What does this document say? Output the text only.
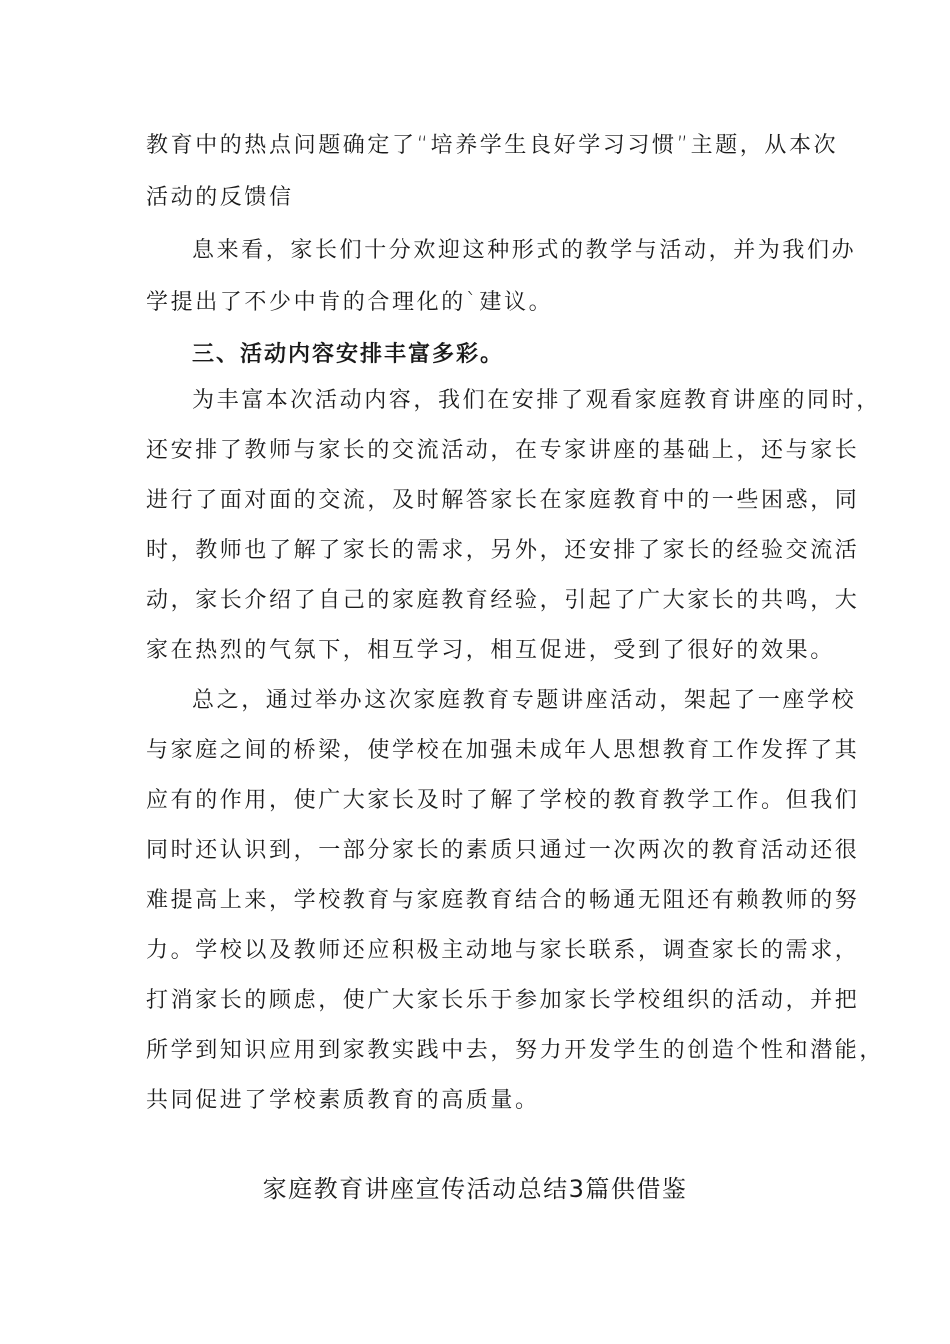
教育中的热点问题确定了“培养学生良好学习习惯”主题，从本次
活动的反馈信
息来看，家长们十分欢迎这种形式的教学与活动，并为我们办
学提出了不少中肯的合理化的`建议。
三、活动内容安排丰富多彩。
为丰富本次活动内容，我们在安排了观看家庭教育讲座的同时，
还安排了教师与家长的交流活动，在专家讲座的基础上，还与家长
进行了面对面的交流，及时解答家长在家庭教育中的一些困惑，同
时，教师也了解了家长的需求，另外，还安排了家长的经验交流活
动，家长介绍了自己的家庭教育经验，引起了广大家长的共鸣，大
家在热烈的气氛下，相互学习，相互促进，受到了很好的效果。
总之，通过举办这次家庭教育专题讲座活动，架起了一座学校
与家庭之间的桥梁，使学校在加强未成年人思想教育工作发挥了其
应有的作用，使广大家长及时了解了学校的教育教学工作。但我们
同时还认识到，一部分家长的素质只通过一次两次的教育活动还很
难提高上来，学校教育与家庭教育结合的畅通无阻还有赖教师的努
力。学校以及教师还应积极主动地与家长联系，调查家长的需求，
打消家长的顾虑，使广大家长乐于参加家长学校组织的活动，并把
所学到知识应用到家教实践中去，努力开发学生的创造个性和潜能，
共同促进了学校素质教育的高质量。
家庭教育讲座宣传活动总结3篇供借鉴
